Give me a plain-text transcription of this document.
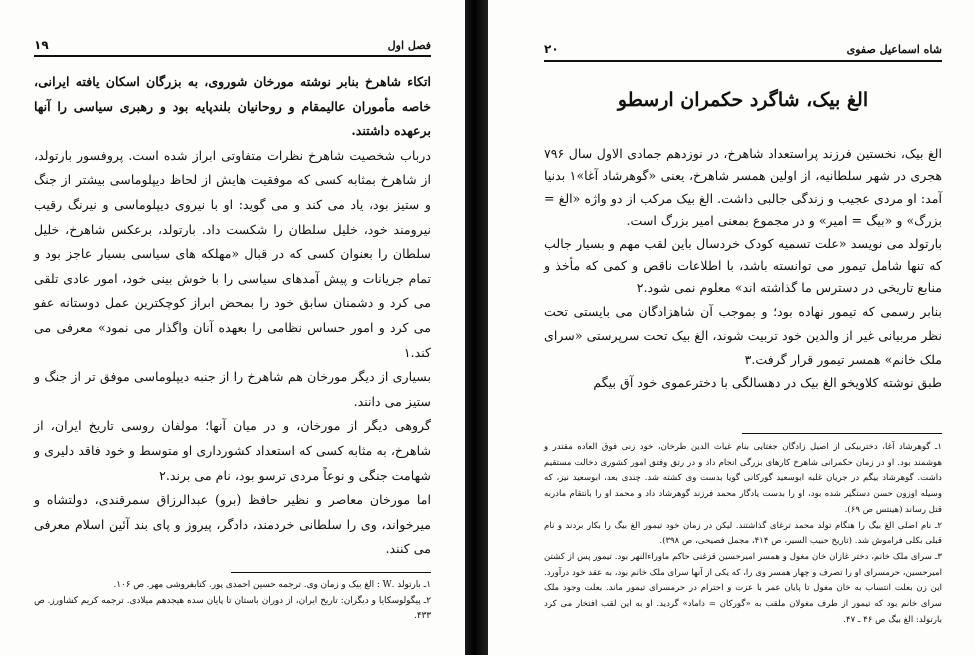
فصل اول
۱۹

اتکاء شاهرخ بنابر نوشته مورخان شوروی، به بزرگان اسکان یافته ایرانی، خاصه مأموران عالیمقام و روحانیان بلندپایه بود و رهبری سیاسی را آنها برعهده داشتند.

درباب شخصیت شاهرخ نظرات متفاوتی ابراز شده است. پروفسور بارتولد، از شاهرخ بمثابه کسی که موفقیت هایش از لحاظ دیپلوماسی بیشتر از جنگ و ستیز بود، یاد می کند و می گوید: او با نیروی دیپلوماسی و نیرنگ رقیب نیرومند خود، خلیل سلطان را شکست داد. بارتولد، برعکس شاهرخ، خلیل سلطان را بعنوان کسی که در قبال «مهلکه های سیاسی بسیار عاجز بود و تمام جریانات و پیش آمدهای سیاسی را با خوش بینی خود، امور عادی تلقی می کرد و دشمنان سابق خود را بمحض ابراز کوچکترین عمل دوستانه عفو می کرد و امور حساس نظامی را بعهده آنان واگذار می نمود» معرفی می کند.۱

بسیاری از دیگر مورخان هم شاهرخ را از جنبه دیپلوماسی موفق تر از جنگ و ستیز می دانند.

گروهی دیگر از مورخان، و در میان آنها؛ مولفان روسی تاریخ ایران، از شاهرخ، به مثابه کسی که استعداد کشورداری او متوسط و خود فاقد دلیری و شهامت جنگی و نوعاً مردی ترسو بود، نام می برند.۲

اما مورخان معاصر و نظیر حافظ (برو) عبدالرزاق سمرقندی، دولتشاه و میرخواند، وی را سلطانی خردمند، دادگر، پیروز و پای بند آئین اسلام معرفی می کنند.

۱ـ بارتولد .W : الغ بیک و زمان وی. ترجمه حسین احمدی پور. کتابفروشی مهر. ص ۱۰۶.

۲ـ پیگولوسکایا و دیگران: تاریخ ایران، از دوران باستان تا پایان سده هیجدهم میلادی. ترجمه کریم کشاورز. ص ۴۳۳.

شاه اسماعیل صفوی
۲۰
الغ بیک، شاگرد حکمران ارسطو

الغ بیک، نخستین فرزند پراستعداد شاهرخ، در نوزدهم جمادی الاول سال ۷۹۶ هجری در شهر سلطانیه، از اولین همسر شاهرخ، یعنی «گوهرشاد آغا»۱ بدنیا آمد: او مردی عجیب و زندگی جالبی داشت. الغ بیک مرکب از دو واژه «الغ = بزرگ» و «بیگ = امیر» و در مجموع بمعنی امیر بزرگ است.

بارتولد می نویسد «علت تسمیه کودک خردسال باین لقب مهم و بسیار جالب که تنها شامل تیمور می توانسته باشد، با اطلاعات ناقص و کمی که مأخذ و منابع تاریخی در دسترس ما گذاشته اند» معلوم نمی شود.۲

بنابر رسمی که تیمور نهاده بود؛ و بموجب آن شاهزادگان می بایستی تحت نظر مربیانی غیر از والدین خود تربیت شوند، الغ بیک تحت سرپرستی «سرای ملک خانم» همسر تیمور قرار گرفت.۳

طبق نوشته کلاویخو الغ بیک در دهسالگی با دخترعموی خود آق بیگم

۱ـ گوهرشاد آغا، دختربیکی از اصیل زادگان جغتایی بنام غیاث الدین طرخان، خود زنی فوق العاده مقتدر و هوشمند بود. او در زمان حکمرانی شاهرخ کارهای بزرگی انجام داد و در رتق وفتق امور کشوری دخالت مستقیم داشت. گوهرشاد بیگم در جریان غلبه ابوسعید گورکانی گویا بدست وی کشته شد. چندی بعد، ابوسعید نیز، که وسیله اوزون حسن دستگیر شده بود، او را بدست یادگار محمد فرزند گوهرشاد داد و محمد او را بانتقام مادربه قتل رساند (هینتس ص ۶۹).

۲ـ نام اصلی الغ بیگ را هنگام تولد محمد ترغای گذاشتند. لیکن در زمان خود تیمور الغ بیگ را بکار بردند و نام قبلی بکلی فراموش شد. (تاریخ حبیب السیر، ص ۴۱۴، مجمل فصیحی، ص ۳۹۸).

۳ـ سرای ملک خانم، دختر غازان خان مغول و همسر امیرحسین قزغنی حاکم ماوراءالنهر بود. تیمور پس از کشتن امیرحسین، حرمسرای او را تصرف و چهار همسر وی را، که یکی از آنها سرای ملک خانم بود، به عقد خود درآورد. این زن بعلت انتساب به خان مغول تا پایان عمر با عزت و احترام در حرمسرای تیمور ماند. بعلت وجود ملک سرای خانم بود که تیمور از طرف مغولان ملقب به «گورکان = داماد» گردید. او به این لقب افتخار می کرد بارتولد: الغ بیگ ص ۴۶ ـ ۴۷.
